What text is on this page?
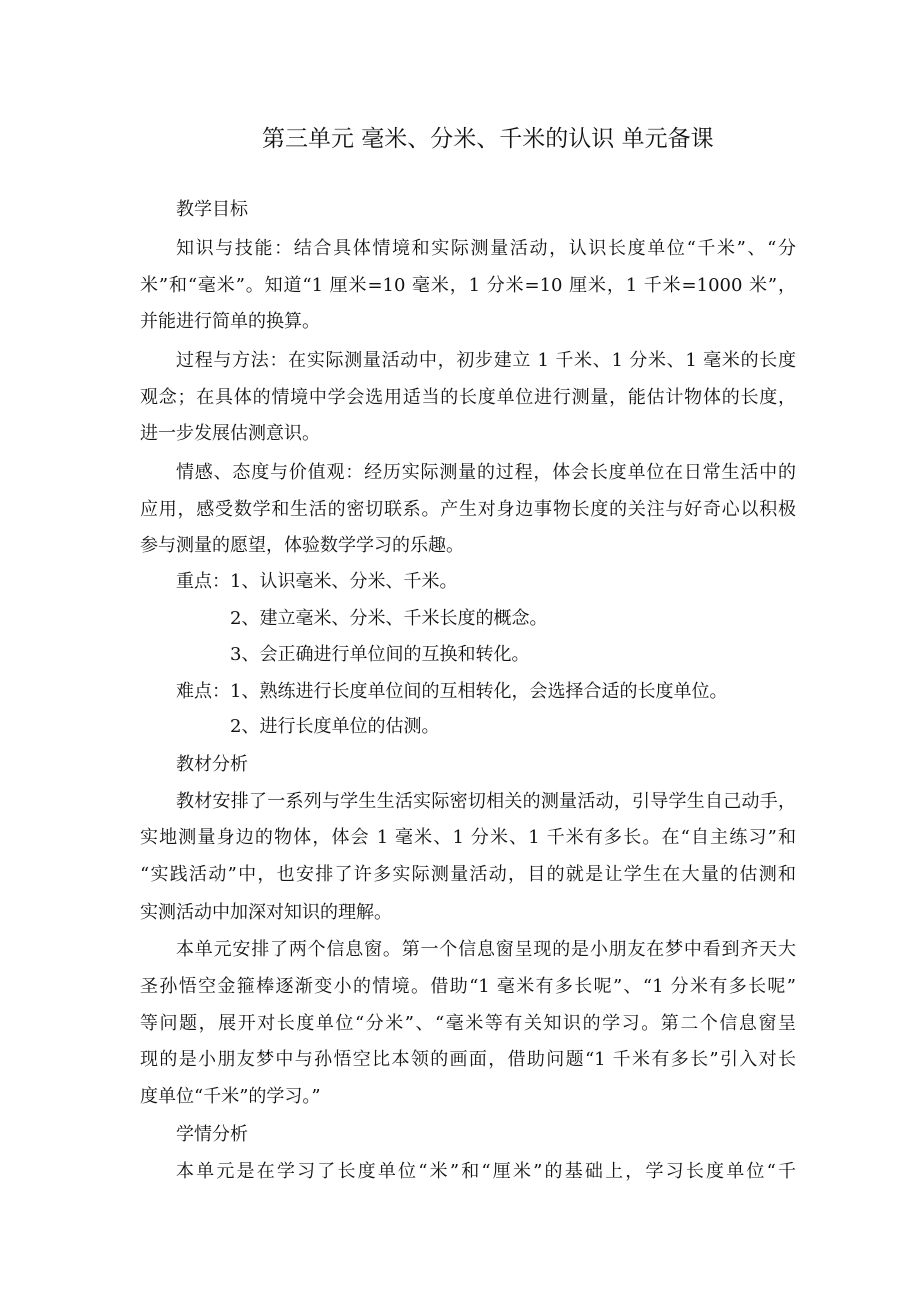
第三单元 毫米、分米、千米的认识 单元备课
教学目标
知识与技能：结合具体情境和实际测量活动，认识长度单位“千米”、“分
米”和“毫米”。知道“1 厘米=10 毫米，1 分米=10 厘米，1 千米=1000 米”，
并能进行简单的换算。
过程与方法：在实际测量活动中，初步建立 1 千米、1 分米、1 毫米的长度
观念；在具体的情境中学会选用适当的长度单位进行测量，能估计物体的长度，
进一步发展估测意识。
情感、态度与价值观：经历实际测量的过程，体会长度单位在日常生活中的
应用，感受数学和生活的密切联系。产生对身边事物长度的关注与好奇心以积极
参与测量的愿望，体验数学学习的乐趣。
重点：1、认识毫米、分米、千米。
2、建立毫米、分米、千米长度的概念。
3、会正确进行单位间的互换和转化。
难点：1、熟练进行长度单位间的互相转化，会选择合适的长度单位。
2、进行长度单位的估测。
教材分析
教材安排了一系列与学生生活实际密切相关的测量活动，引导学生自己动手，
实地测量身边的物体，体会 1 毫米、1 分米、1 千米有多长。在“自主练习”和
“实践活动”中，也安排了许多实际测量活动，目的就是让学生在大量的估测和
实测活动中加深对知识的理解。
本单元安排了两个信息窗。第一个信息窗呈现的是小朋友在梦中看到齐天大
圣孙悟空金箍棒逐渐变小的情境。借助“1 毫米有多长呢”、“1 分米有多长呢”
等问题，展开对长度单位“分米”、“毫米等有关知识的学习。第二个信息窗呈
现的是小朋友梦中与孙悟空比本领的画面，借助问题“1 千米有多长”引入对长
度单位“千米”的学习。”
学情分析
本单元是在学习了长度单位“米”和“厘米”的基础上，学习长度单位“千
